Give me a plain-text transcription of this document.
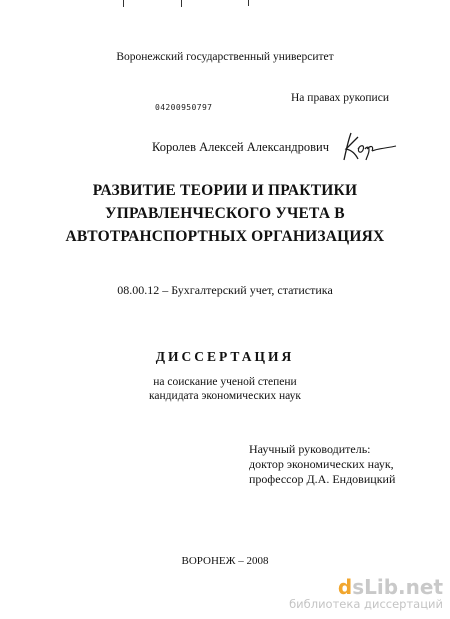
Воронежский государственный университет
На правах рукописи
04200950797
Королев Алексей Александрович
РАЗВИТИЕ ТЕОРИИ И ПРАКТИКИ
УПРАВЛЕНЧЕСКОГО УЧЕТА В
АВТОТРАНСПОРТНЫХ ОРГАНИЗАЦИЯХ
08.00.12 – Бухгалтерский учет, статистика
ДИССЕРТАЦИЯ
на соискание ученой степени
кандидата экономических наук
Научный руководитель:
доктор экономических наук,
профессор Д.А. Ендовицкий
ВОРОНЕЖ – 2008
dsLib.net
библиотека диссертаций
